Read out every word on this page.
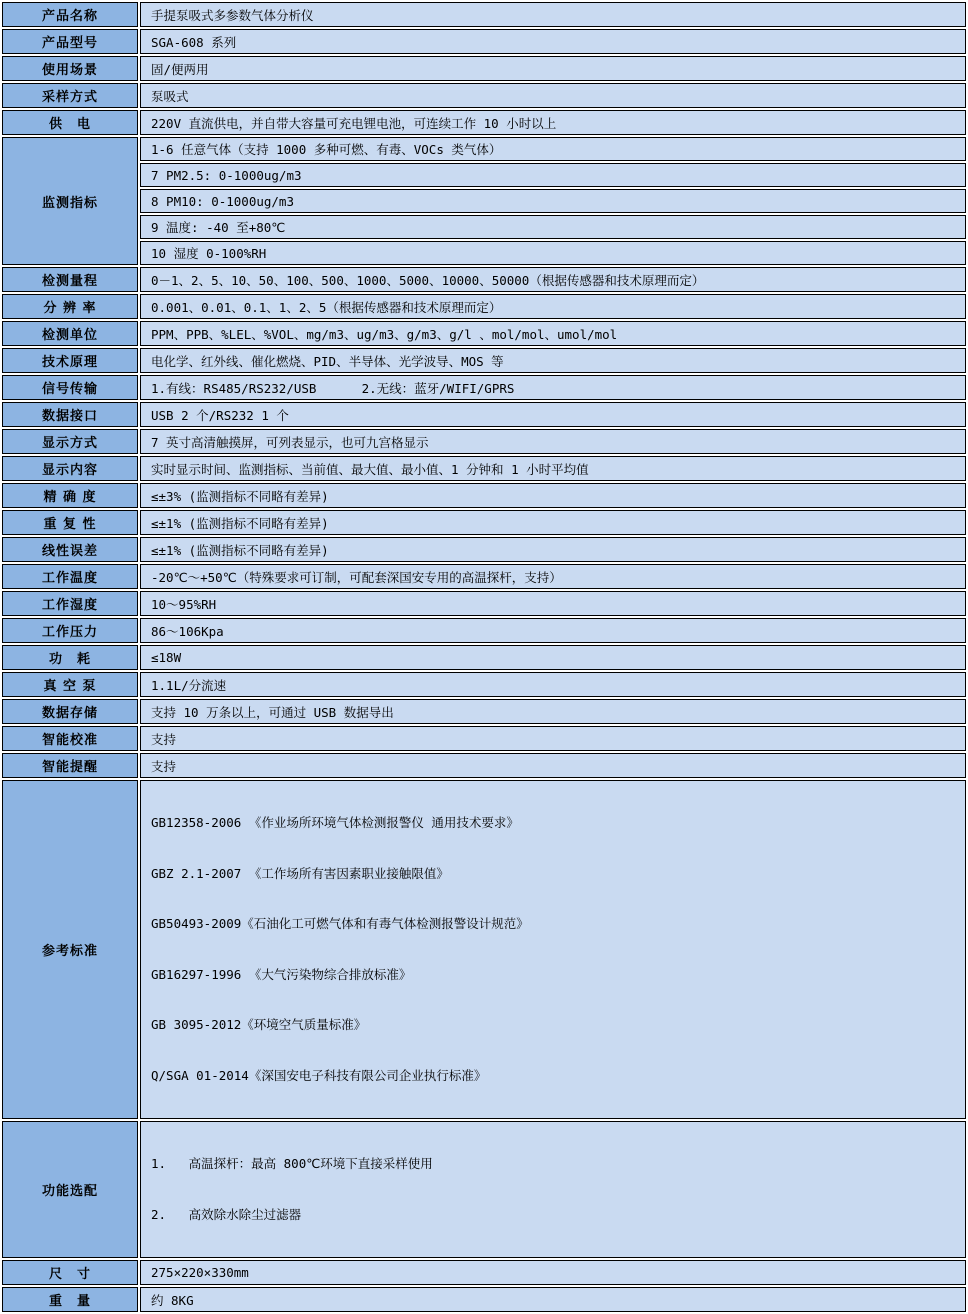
产品名称	手提泵吸式多参数气体分析仪
产品型号	SGA-608 系列
使用场景	固/便两用
采样方式	泵吸式
供　电	220V 直流供电，并自带大容量可充电锂电池，可连续工作 10 小时以上
监测指标	1-6 任意气体（支持 1000 多种可燃、有毒、VOCs 类气体）
	7 PM2.5: 0-1000ug/m3
	8 PM10: 0-1000ug/m3
	9 温度: -40 至+80℃
	10 湿度 0-100%RH
检测量程	0－1、2、5、10、50、100、500、1000、5000、10000、50000（根据传感器和技术原理而定）
分 辨 率	0.001、0.01、0.1、1、2、5（根据传感器和技术原理而定）
检测单位	PPM、PPB、%LEL、%VOL、mg/m3、ug/m3、g/m3、g/l 、mol/mol、umol/mol
技术原理	电化学、红外线、催化燃烧、PID、半导体、光学波导、MOS 等
信号传输	1.有线：RS485/RS232/USB      2.无线：蓝牙/WIFI/GPRS
数据接口	USB 2 个/RS232 1 个
显示方式	7 英寸高清触摸屏，可列表显示，也可九宫格显示
显示内容	实时显示时间、监测指标、当前值、最大值、最小值、1 分钟和 1 小时平均值
精 确 度	≤±3% (监测指标不同略有差异)
重 复 性	≤±1% (监测指标不同略有差异)
线性误差	≤±1% (监测指标不同略有差异)
工作温度	-20℃～+50℃（特殊要求可订制，可配套深国安专用的高温探杆，支持）
工作湿度	10～95%RH
工作压力	86～106Kpa
功　耗	≤18W
真 空 泵	1.1L/分流速
数据存储	支持 10 万条以上，可通过 USB 数据导出
智能校准	支持
智能提醒	支持
参考标准	

GB12358-2006 《作业场所环境气体检测报警仪 通用技术要求》

GBZ 2.1-2007 《工作场所有害因素职业接触限值》

GB50493-2009《石油化工可燃气体和有毒气体检测报警设计规范》

GB16297-1996 《大气污染物综合排放标准》

GB 3095-2012《环境空气质量标准》

Q/SGA 01-2014《深国安电子科技有限公司企业执行标准》

功能选配	1.   高温探杆：最高 800℃环境下直接采样使用

2.   高效除水除尘过滤器

尺　寸	275×220×330mm
重　量	约 8KG
